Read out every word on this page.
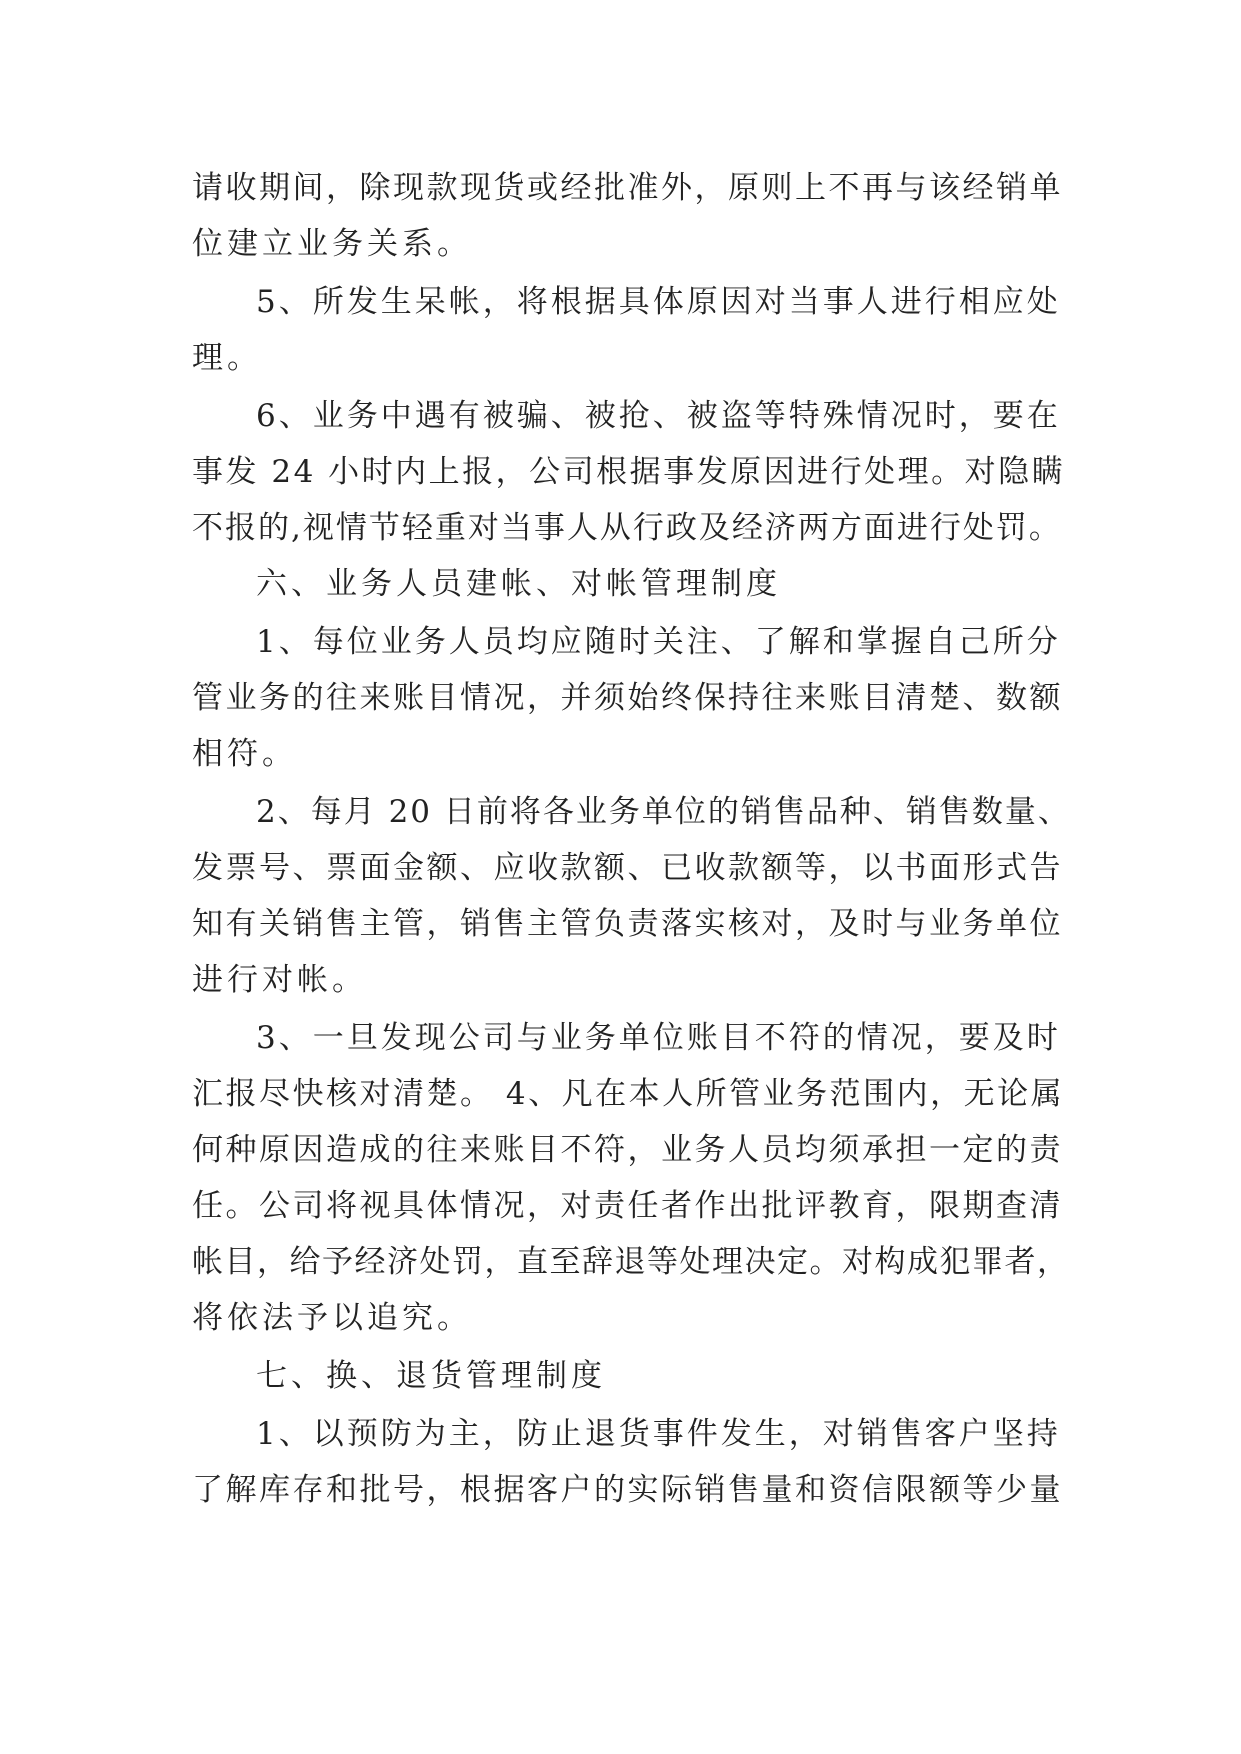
请收期间，除现款现货或经批准外，原则上不再与该经销单
位建立业务关系。
5、所发生呆帐，将根据具体原因对当事人进行相应处
理。
6、业务中遇有被骗、被抢、被盗等特殊情况时，要在
事发 24 小时内上报，公司根据事发原因进行处理。对隐瞒
不报的,视情节轻重对当事人从行政及经济两方面进行处罚。
六、业务人员建帐、对帐管理制度
1、每位业务人员均应随时关注、了解和掌握自己所分
管业务的往来账目情况，并须始终保持往来账目清楚、数额
相符。
2、每月 20 日前将各业务单位的销售品种、销售数量、
发票号、票面金额、应收款额、已收款额等，以书面形式告
知有关销售主管，销售主管负责落实核对，及时与业务单位
进行对帐。
3、一旦发现公司与业务单位账目不符的情况，要及时
汇报尽快核对清楚。 4、凡在本人所管业务范围内，无论属
何种原因造成的往来账目不符，业务人员均须承担一定的责
任。公司将视具体情况，对责任者作出批评教育，限期查清
帐目，给予经济处罚，直至辞退等处理决定。对构成犯罪者，
将依法予以追究。
七、换、退货管理制度
1、以预防为主，防止退货事件发生，对销售客户坚持
了解库存和批号，根据客户的实际销售量和资信限额等少量
